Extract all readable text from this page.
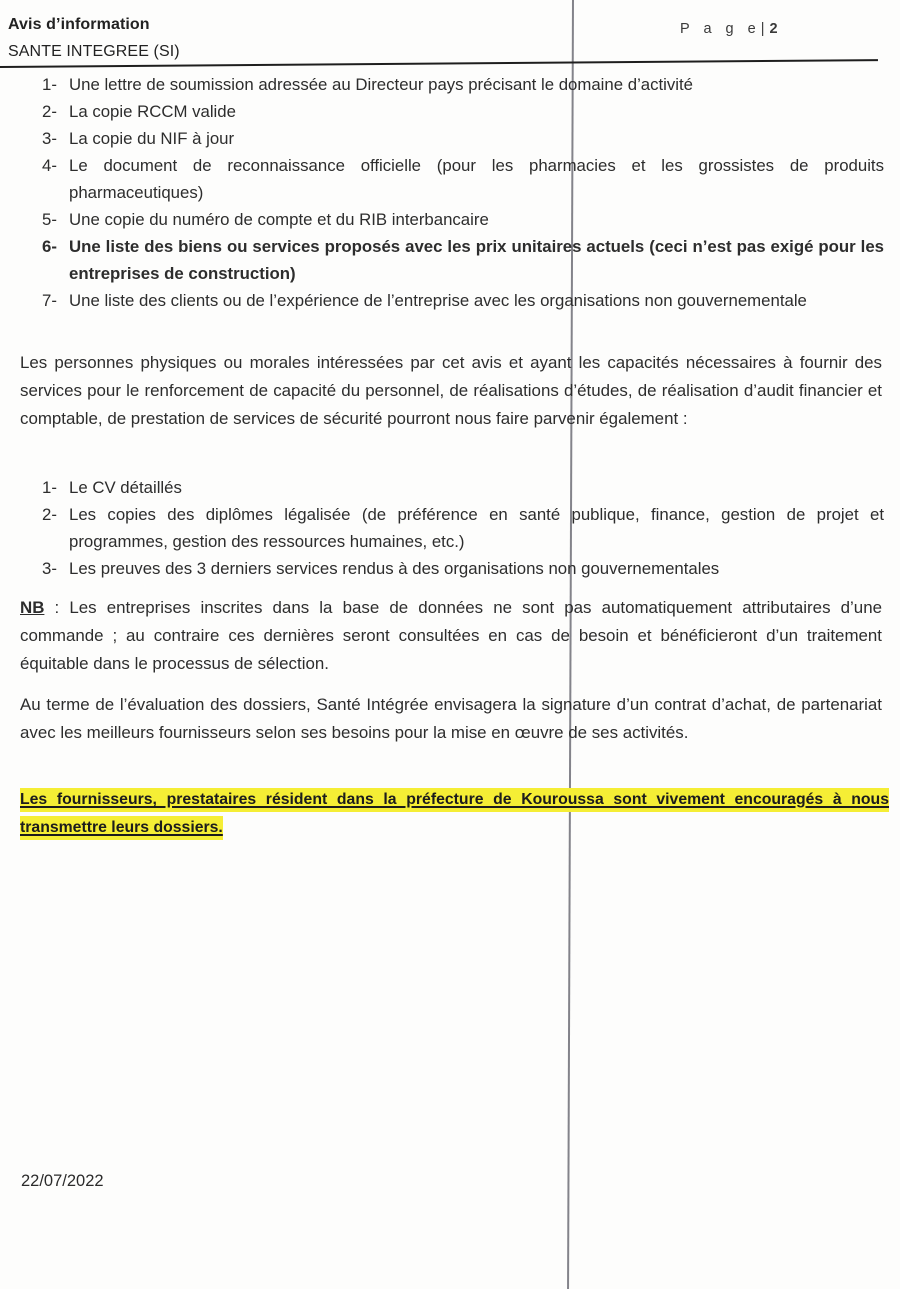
Avis d’information
SANTE INTEGREE (SI)
P a g e|2
1- Une lettre de soumission adressée au Directeur pays précisant le domaine d’activité
2- La copie RCCM valide
3- La copie du NIF à jour
4- Le document de reconnaissance officielle (pour les pharmacies et les grossistes de produits pharmaceutiques)
5- Une copie du numéro de compte et du RIB interbancaire
6- Une liste des biens ou services proposés avec les prix unitaires actuels (ceci n’est pas exigé pour les entreprises de construction)
7- Une liste des clients ou de l’expérience de l’entreprise avec les organisations non gouvernementale

Les personnes physiques ou morales intéressées par cet avis et ayant les capacités nécessaires à fournir des services pour le renforcement de capacité du personnel, de réalisations d’études, de réalisation d’audit financier et comptable, de prestation de services de sécurité pourront nous faire parvenir également :

1- Le CV détaillés
2- Les copies des diplômes légalisée (de préférence en santé publique, finance, gestion de projet et programmes, gestion des ressources humaines, etc.)
3- Les preuves des 3 derniers services rendus à des organisations non gouvernementales

NB : Les entreprises inscrites dans la base de données ne sont pas automatiquement attributaires d’une commande ; au contraire ces dernières seront consultées en cas de besoin et bénéficieront d’un traitement équitable dans le processus de sélection.

Au terme de l’évaluation des dossiers, Santé Intégrée envisagera la signature d’un contrat d’achat, de partenariat avec les meilleurs fournisseurs selon ses besoins pour la mise en œuvre de ses activités.

Les fournisseurs, prestataires résident dans la préfecture de Kouroussa sont vivement encouragés à nous transmettre leurs dossiers.

22/07/2022
